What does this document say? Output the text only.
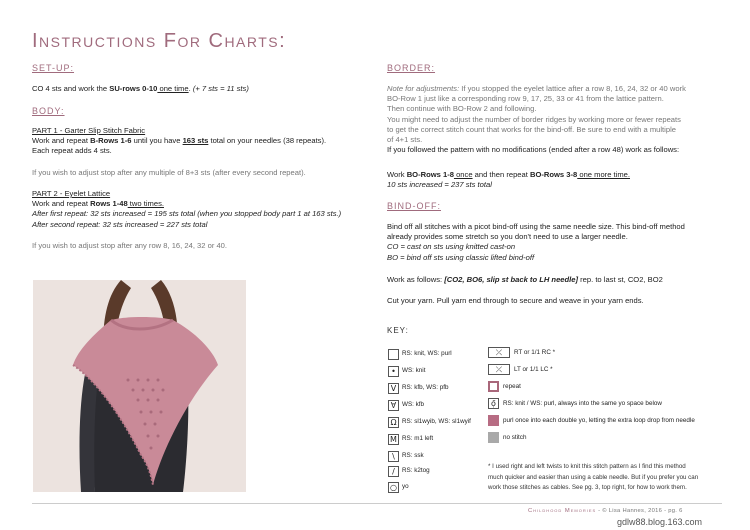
Instructions For Charts:
SET-UP:
CO 4 sts and work the SU-rows 0-10 one time. (+ 7 sts = 11 sts)
BODY:
PART 1 - Garter Slip Stitch Fabric
Work and repeat B-Rows 1-6 until you have 163 sts total on your needles (38 repeats).
Each repeat adds 4 sts.
If you wish to adjust stop after any multiple of 8+3 sts (after every second repeat).
PART 2 - Eyelet Lattice
Work and repeat Rows 1-48 two times.
After first repeat: 32 sts increased = 195 sts total (when you stopped body part 1 at 163 sts.)
After second repeat: 32 sts increased = 227 sts total
If you wish to adjust stop after any row 8, 16, 24, 32 or 40.
BORDER:
Note for adjustments: If you stopped the eyelet lattice after a row 8, 16, 24, 32 or 40 work
BO-Row 1 just like a corresponding row 9, 17, 25, 33 or 41 from the lattice pattern.
Then continue with BO-Row 2 and following.
You might need to adjust the number of border ridges by working more or fewer repeats
to get the correct stitch count that works for the bind-off. Be sure to end with a multiple
of 4+1 sts.
If you followed the pattern with no modifications (ended after a row 48) work as follows:
Work BO-Rows 1-8 once and then repeat BO-Rows 3-8 one more time.
10 sts increased = 237 sts total
BIND-OFF:
Bind off all stitches with a picot bind-off using the same needle size. This bind-off method
already provides some stretch so you don't need to use a larger needle.
CO = cast on sts using knitted cast-on
BO = bind off sts using classic lifted bind-off
Work as follows: [CO2, BO6, slip st back to LH needle] rep. to last st, CO2, BO2
Cut your yarn. Pull yarn end through to secure and weave in your yarn ends.
KEY:
RS: knit, WS: purl
• WS: knit
V RS: kfb, WS: pfb
∀ WS: kfb
Ω RS: sl1wyib, WS: sl1wyif
M RS: m1 left
\	RS: ssk
/	RS: k2tog
○ yo
⤫	RT or 1/1 RC *
⤫	LT or 1/1 LC *
repeat
ọ̄	RS: knit / WS: purl, always into the same yo space below
purl once into each double yo, letting the extra loop drop from needle
no stitch
* I used right and left twists to knit this stitch pattern as I find this method
much quicker and easier than using a cable needle. But if you prefer you can
work those stitches as cables. See pg. 3, top right, for how to work them.
Childhood Memories - © Lisa Hannes, 2016 - pg. 6
gdlw88.blog.163.com
